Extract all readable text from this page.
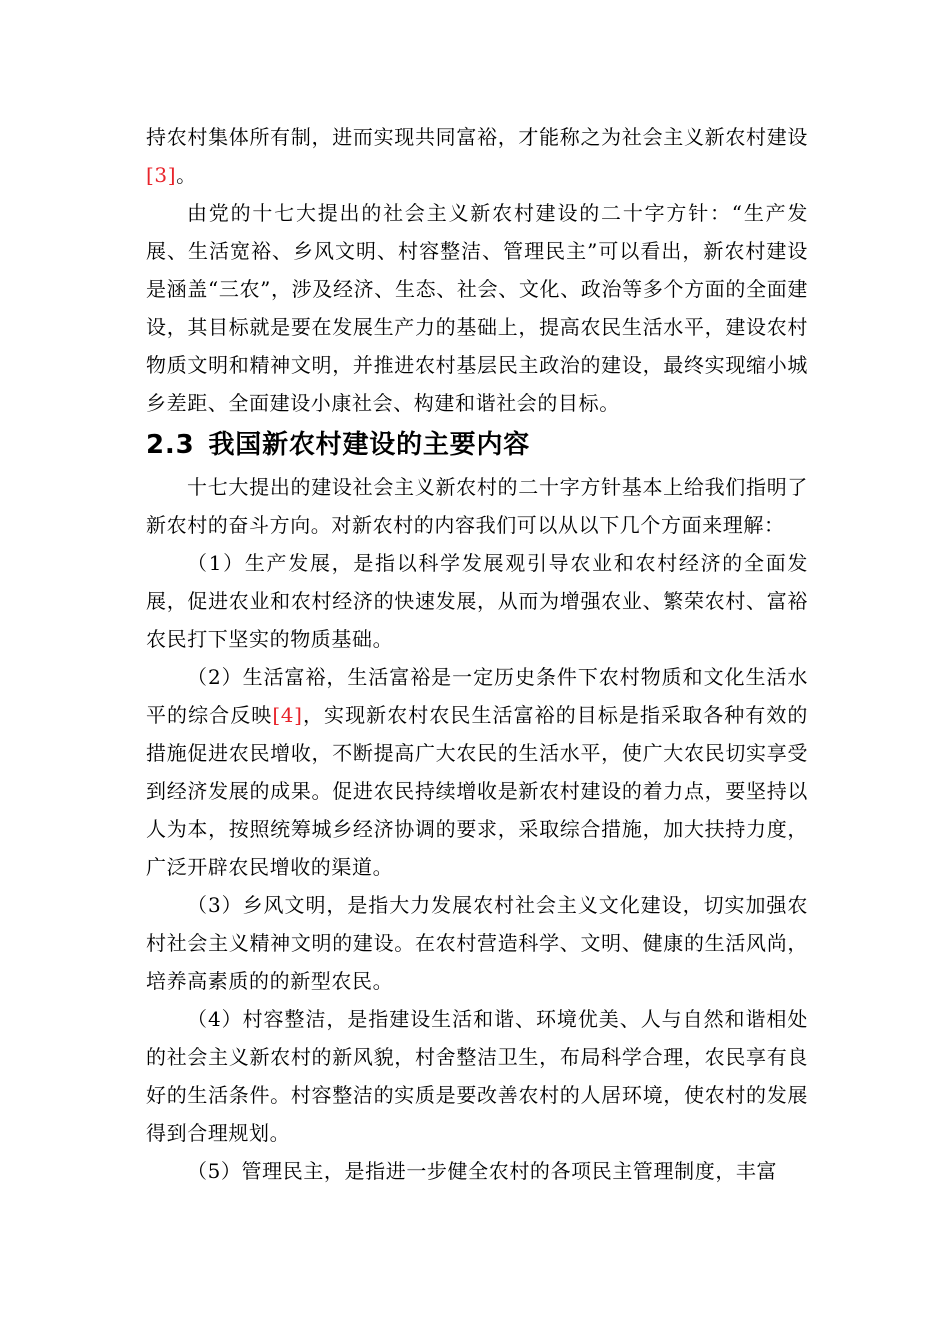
持农村集体所有制，进而实现共同富裕，才能称之为社会主义新农村建设[3]。

由党的十七大提出的社会主义新农村建设的二十字方针：“生产发展、生活宽裕、乡风文明、村容整洁、管理民主”可以看出，新农村建设是涵盖“三农”，涉及经济、生态、社会、文化、政治等多个方面的全面建设，其目标就是要在发展生产力的基础上，提高农民生活水平，建设农村物质文明和精神文明，并推进农村基层民主政治的建设，最终实现缩小城乡差距、全面建设小康社会、构建和谐社会的目标。

2.3 我国新农村建设的主要内容

十七大提出的建设社会主义新农村的二十字方针基本上给我们指明了新农村的奋斗方向。对新农村的内容我们可以从以下几个方面来理解：

（1）生产发展，是指以科学发展观引导农业和农村经济的全面发展，促进农业和农村经济的快速发展，从而为增强农业、繁荣农村、富裕农民打下坚实的物质基础。

（2）生活富裕，生活富裕是一定历史条件下农村物质和文化生活水平的综合反映[4]，实现新农村农民生活富裕的目标是指采取各种有效的措施促进农民增收，不断提高广大农民的生活水平，使广大农民切实享受到经济发展的成果。促进农民持续增收是新农村建设的着力点，要坚持以人为本，按照统筹城乡经济协调的要求，采取综合措施，加大扶持力度，广泛开辟农民增收的渠道。

（3）乡风文明，是指大力发展农村社会主义文化建设，切实加强农村社会主义精神文明的建设。在农村营造科学、文明、健康的生活风尚，培养高素质的的新型农民。

（4）村容整洁，是指建设生活和谐、环境优美、人与自然和谐相处的社会主义新农村的新风貌，村舍整洁卫生，布局科学合理，农民享有良好的生活条件。村容整洁的实质是要改善农村的人居环境，使农村的发展得到合理规划。

（5）管理民主，是指进一步健全农村的各项民主管理制度，丰富
